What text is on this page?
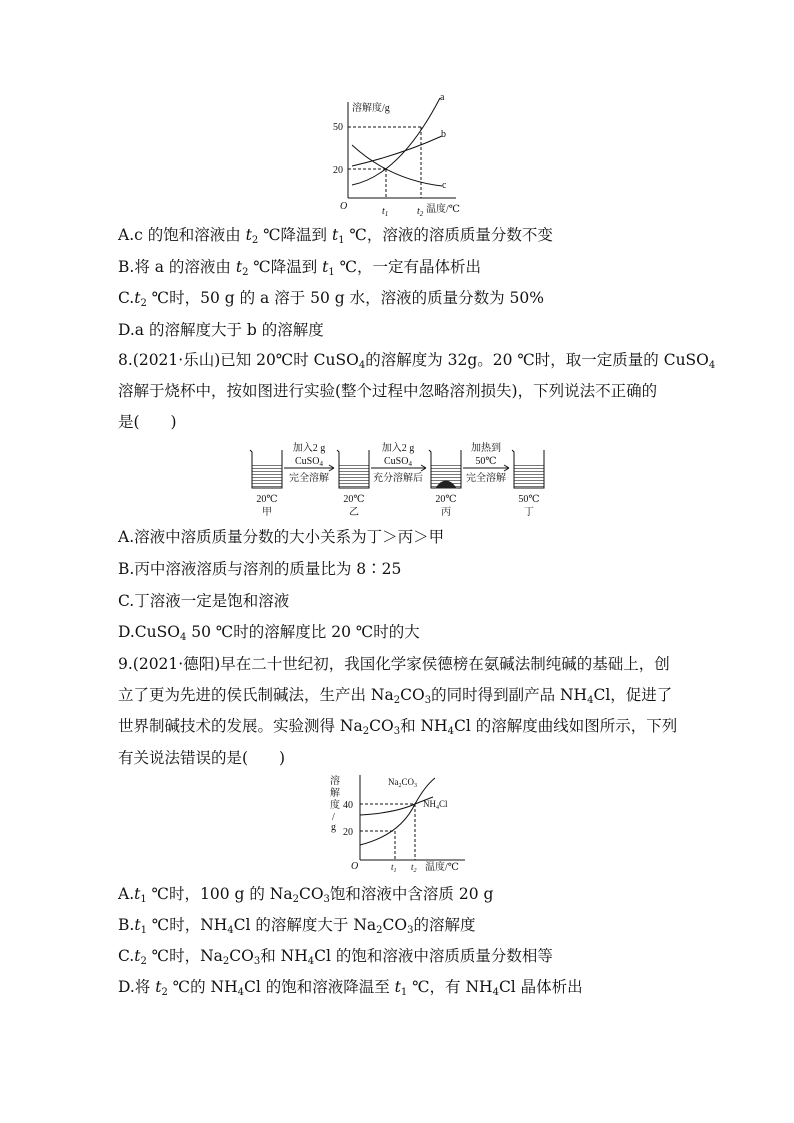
溶解度/g
50
20
O	$t_1$	$t_2$ 温度/℃
a
b
c
A.c 的饱和溶液由 $t_2$ ℃降温到 $t_1$ ℃，溶液的溶质质量分数不变
B.将 a 的溶液由 $t_2$ ℃降温到 $t_1$ ℃，一定有晶体析出
$C.t_2$ ℃时，50 g 的 a 溶于 50 g 水，溶液的质量分数为 50%
D.a 的溶解度大于 b 的溶解度
8.(2021·乐山)已知 20℃时 CuSO$_4$的溶解度为 32g。20 ℃时，取一定质量的 CuSO$_4$
溶解于烧杯中，按如图进行实验(整个过程中忽略溶剂损失)，下列说法不正确的
是(　　)
加入2 g
CuSO$_4$
完全溶解
加入2 g
CuSO$_4$
充分溶解后
加热到
50℃
完全溶解
20℃
甲
20℃
乙
20℃
丙
50℃
丁
A.溶液中溶质质量分数的大小关系为丁＞丙＞甲
B.丙中溶液溶质与溶剂的质量比为 8∶25
C.丁溶液一定是饱和溶液
D.CuSO$_4$ 50 ℃时的溶解度比 20 ℃时的大
9.(2021·德阳)早在二十世纪初，我国化学家侯德榜在氨碱法制纯碱的基础上，创
立了更为先进的侯氏制碱法，生产出 $Na_2CO_3$的同时得到副产品 $NH_4Cl$，促进了
世界制碱技术的发展。实验测得 $Na_2CO_3$和 $NH_4Cl$ 的溶解度曲线如图所示，下列
有关说法错误的是(　　)
溶
解
度
/
g
40
20
O	$t_1$ $t_2$ 温度/℃
$Na_2CO_3$
$NH_4Cl$
$A.t_1$ ℃时，100 g 的 $Na_2CO_3$饱和溶液中含溶质 20 g
$B.t_1$ ℃时，$NH_4Cl$ 的溶解度大于 $Na_2CO_3$的溶解度
$C.t_2$ ℃时，$Na_2CO_3$和 $NH_4Cl$ 的饱和溶液中溶质质量分数相等
D.将 $t_2$ ℃的 $NH_4Cl$ 的饱和溶液降温至 $t_1$ ℃，有 $NH_4Cl$ 晶体析出
